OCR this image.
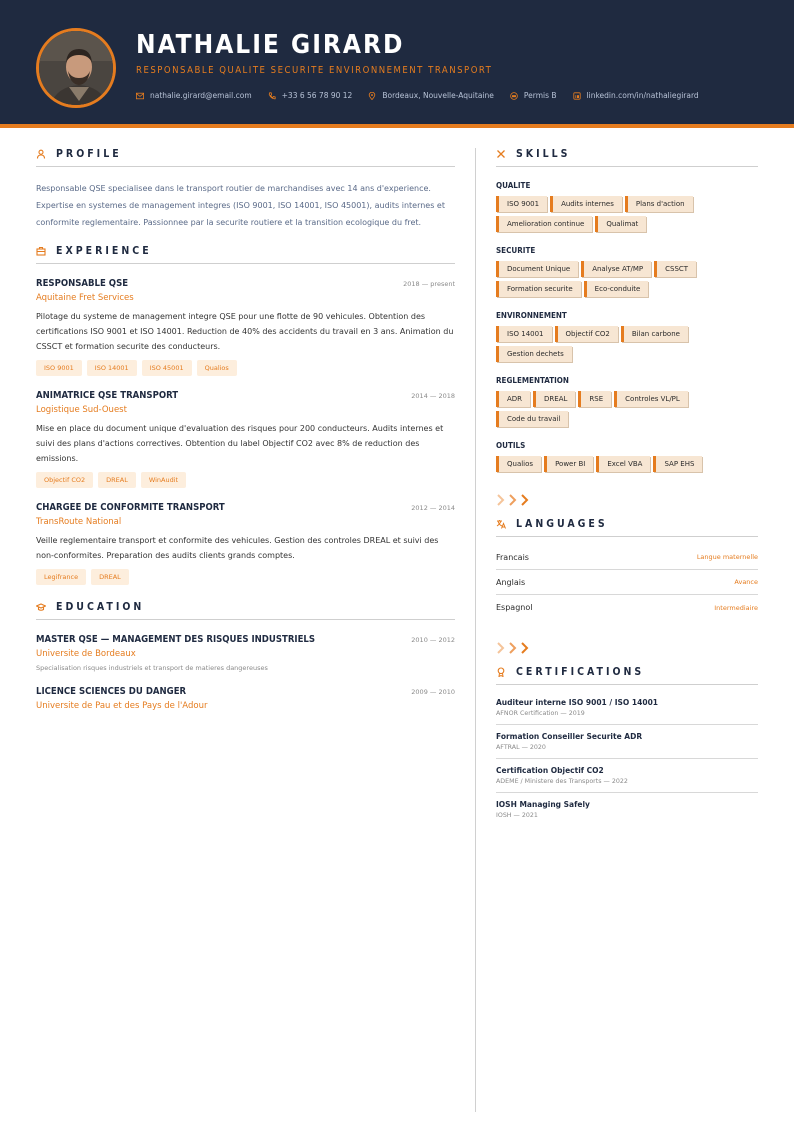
NATHALIE GIRARD
RESPONSABLE QUALITE SECURITE ENVIRONNEMENT TRANSPORT
nathalie.girard@email.com	+33 6 56 78 90 12	Bordeaux, Nouvelle-Aquitaine	Permis B	linkedin.com/in/nathaliegirard
PROFILE

Responsable QSE specialisee dans le transport routier de marchandises avec 14 ans d'experience. Expertise en systemes de management integres (ISO 9001, ISO 14001, ISO 45001), audits internes et conformite reglementaire. Passionnee par la securite routiere et la transition ecologique du fret.

EXPERIENCE
RESPONSABLE QSE	2018 — present
Aquitaine Fret Services

Pilotage du systeme de management integre QSE pour une flotte de 90 vehicules. Obtention des certifications ISO 9001 et ISO 14001. Reduction de 40% des accidents du travail en 3 ans. Animation du CSSCT et formation securite des conducteurs.

ISO 9001	ISO 14001	ISO 45001	Qualios
ANIMATRICE QSE TRANSPORT	2014 — 2018
Logistique Sud-Ouest

Mise en place du document unique d'evaluation des risques pour 200 conducteurs. Audits internes et suivi des plans d'actions correctives. Obtention du label Objectif CO2 avec 8% de reduction des emissions.

Objectif CO2	DREAL	WinAudit
CHARGEE DE CONFORMITE TRANSPORT	2012 — 2014
TransRoute National

Veille reglementaire transport et conformite des vehicules. Gestion des controles DREAL et suivi des non-conformites. Preparation des audits clients grands comptes.

Legifrance	DREAL
EDUCATION
MASTER QSE — MANAGEMENT DES RISQUES INDUSTRIELS	2010 — 2012
Universite de Bordeaux
Specialisation risques industriels et transport de matieres dangereuses
LICENCE SCIENCES DU DANGER	2009 — 2010
Universite de Pau et des Pays de l'Adour
SKILLS
QUALITE
ISO 9001	Audits internes	Plans d'action
Amelioration continue	Qualimat
SECURITE
Document Unique	Analyse AT/MP	CSSCT
Formation securite	Eco-conduite
ENVIRONNEMENT
ISO 14001	Objectif CO2	Bilan carbone
Gestion dechets
REGLEMENTATION
ADR	DREAL	RSE	Controles VL/PL
Code du travail
OUTILS
Qualios	Power BI	Excel VBA	SAP EHS
LANGUAGES
Francais	Langue maternelle
Anglais	Avance
Espagnol	Intermediaire
CERTIFICATIONS
Auditeur interne ISO 9001 / ISO 14001
AFNOR Certification — 2019
Formation Conseiller Securite ADR
AFTRAL — 2020
Certification Objectif CO2
ADEME / Ministere des Transports — 2022
IOSH Managing Safely
IOSH — 2021
